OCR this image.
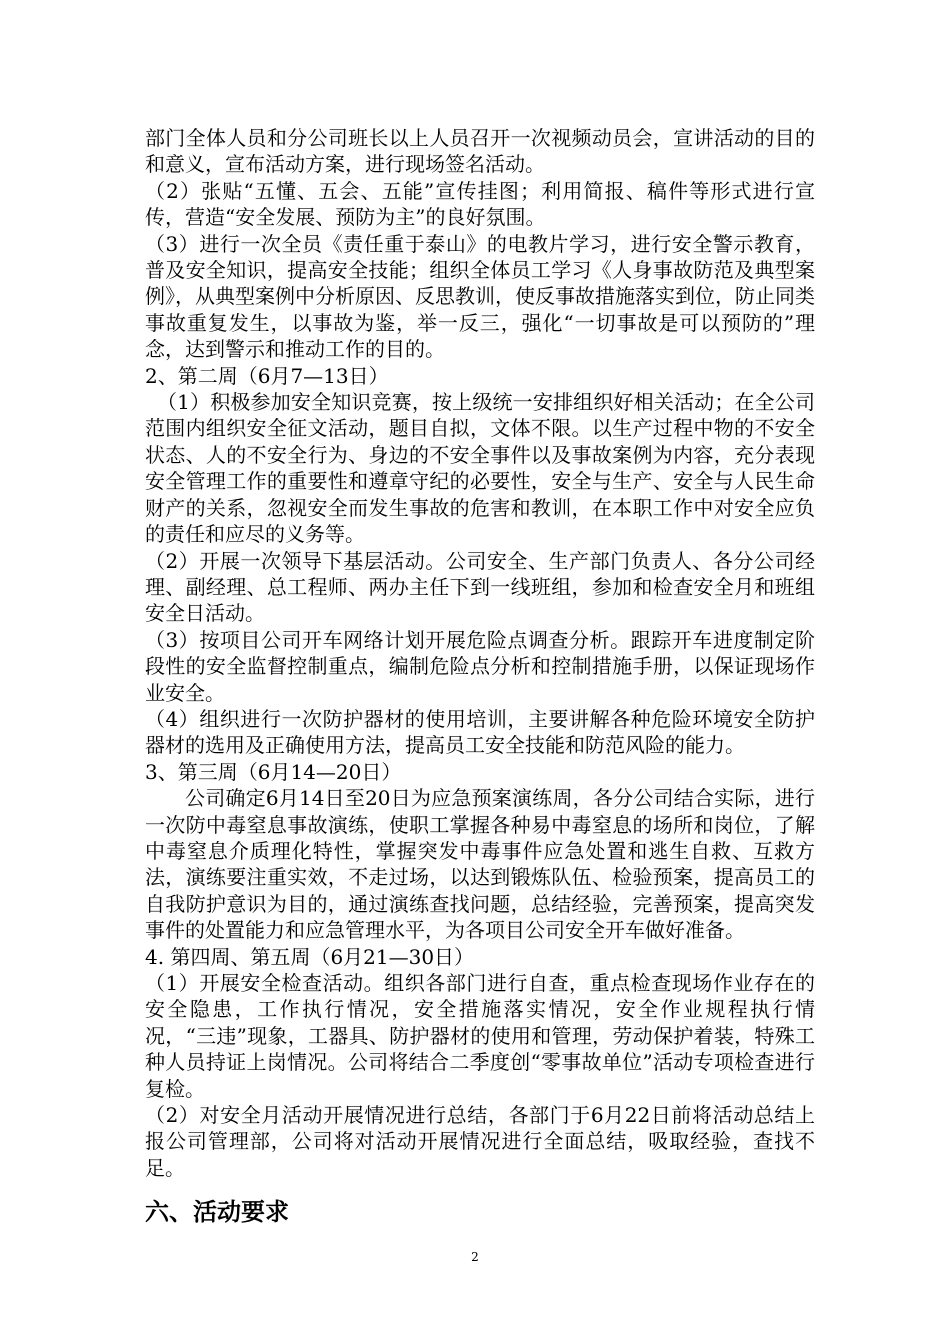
部门全体人员和分公司班长以上人员召开一次视频动员会，宣讲活动的目的和意义，宣布活动方案，进行现场签名活动。

（2）张贴“五懂、五会、五能”宣传挂图；利用简报、稿件等形式进行宣传，营造“安全发展、预防为主”的良好氛围。

（3）进行一次全员《责任重于泰山》的电教片学习，进行安全警示教育，普及安全知识，提高安全技能；组织全体员工学习《人身事故防范及典型案例》，从典型案例中分析原因、反思教训，使反事故措施落实到位，防止同类事故重复发生，以事故为鉴，举一反三，强化“一切事故是可以预防的”理念，达到警示和推动工作的目的。

2、第二周（6月7—13日）

（1）积极参加安全知识竞赛，按上级统一安排组织好相关活动；在全公司范围内组织安全征文活动，题目自拟，文体不限。以生产过程中物的不安全状态、人的不安全行为、身边的不安全事件以及事故案例为内容，充分表现安全管理工作的重要性和遵章守纪的必要性，安全与生产、安全与人民生命财产的关系，忽视安全而发生事故的危害和教训，在本职工作中对安全应负的责任和应尽的义务等。

（2）开展一次领导下基层活动。公司安全、生产部门负责人、各分公司经理、副经理、总工程师、两办主任下到一线班组，参加和检查安全月和班组安全日活动。

（3）按项目公司开车网络计划开展危险点调查分析。跟踪开车进度制定阶段性的安全监督控制重点，编制危险点分析和控制措施手册，以保证现场作业安全。

（4）组织进行一次防护器材的使用培训，主要讲解各种危险环境安全防护器材的选用及正确使用方法，提高员工安全技能和防范风险的能力。

3、第三周（6月14—20日）

公司确定6月14日至20日为应急预案演练周，各分公司结合实际，进行一次防中毒窒息事故演练，使职工掌握各种易中毒窒息的场所和岗位，了解中毒窒息介质理化特性，掌握突发中毒事件应急处置和逃生自救、互救方法，演练要注重实效，不走过场，以达到锻炼队伍、检验预案，提高员工的自我防护意识为目的，通过演练查找问题，总结经验，完善预案，提高突发事件的处置能力和应急管理水平，为各项目公司安全开车做好准备。

4. 第四周、第五周（6月21—30日）

（1）开展安全检查活动。组织各部门进行自查，重点检查现场作业存在的安全隐患，工作执行情况，安全措施落实情况，安全作业规程执行情况，“三违”现象，工器具、防护器材的使用和管理，劳动保护着装，特殊工种人员持证上岗情况。公司将结合二季度创“零事故单位”活动专项检查进行复检。

（2）对安全月活动开展情况进行总结，各部门于6月22日前将活动总结上报公司管理部，公司将对活动开展情况进行全面总结，吸取经验，查找不足。

六、活动要求
2
